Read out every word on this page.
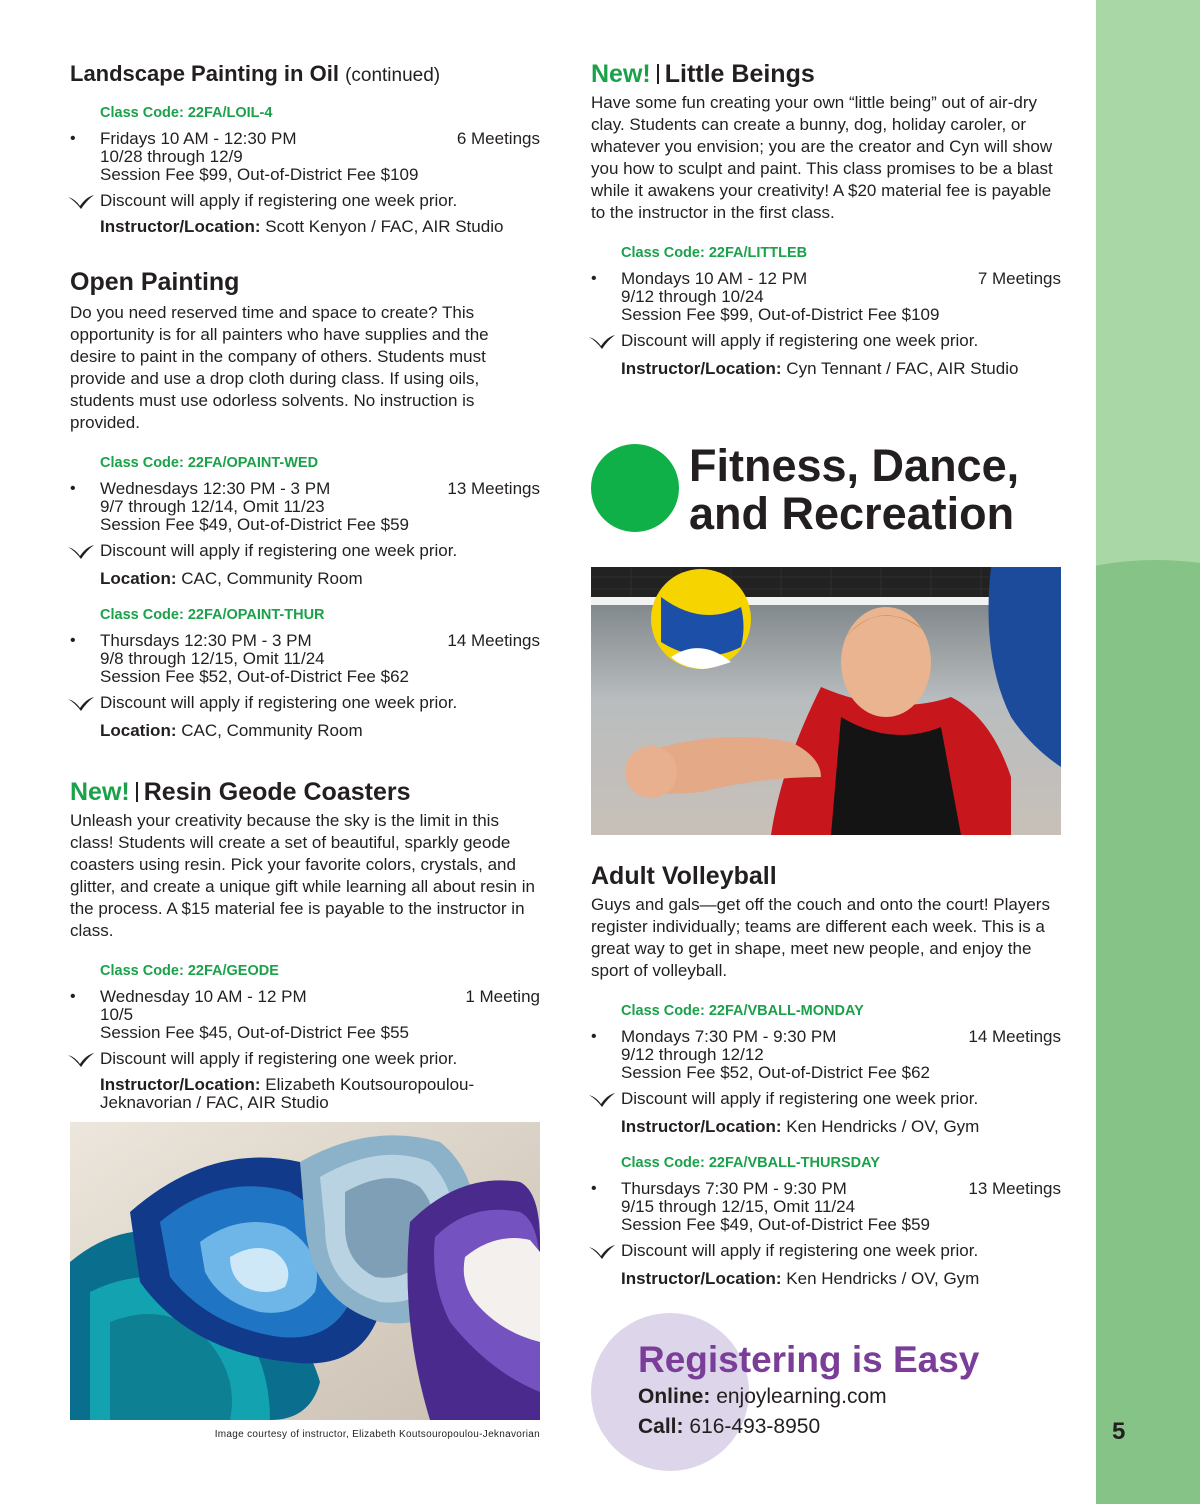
5
Landscape Painting in Oil (continued)
Class Code: 22FA/LOIL-4
• Fridays 10 AM - 12:30 PM	6 Meetings
10/28 through 12/9
Session Fee $99, Out-of-District Fee $109
Discount will apply if registering one week prior.
Instructor/Location: Scott Kenyon / FAC, AIR Studio
Open Painting

Do you need reserved time and space to create? This opportunity is for all painters who have supplies and the desire to paint in the company of others. Students must provide and use a drop cloth during class. If using oils, students must use odorless solvents. No instruction is provided.

Class Code: 22FA/OPAINT-WED
• Wednesdays 12:30 PM - 3 PM	13 Meetings
9/7 through 12/14, Omit 11/23
Session Fee $49, Out-of-District Fee $59
Discount will apply if registering one week prior.
Location: CAC, Community Room
Class Code: 22FA/OPAINT-THUR
• Thursdays 12:30 PM - 3 PM	14 Meetings
9/8 through 12/15, Omit 11/24
Session Fee $52, Out-of-District Fee $62
Discount will apply if registering one week prior.
Location: CAC, Community Room
New! Resin Geode Coasters

Unleash your creativity because the sky is the limit in this class! Students will create a set of beautiful, sparkly geode coasters using resin. Pick your favorite colors, crystals, and glitter, and create a unique gift while learning all about resin in the process. A $15 material fee is payable to the instructor in class.

Class Code: 22FA/GEODE
• Wednesday 10 AM - 12 PM	1 Meeting
10/5
Session Fee $45, Out-of-District Fee $55
Discount will apply if registering one week prior.
Instructor/Location: Elizabeth Koutsouropoulou-Jeknavorian / FAC, AIR Studio
Image courtesy of instructor, Elizabeth Koutsouropoulou-Jeknavorian
New! Little Beings

Have some fun creating your own “little being” out of air-dry clay. Students can create a bunny, dog, holiday caroler, or whatever you envision; you are the creator and Cyn will show you how to sculpt and paint. This class promises to be a blast while it awakens your creativity! A $20 material fee is payable to the instructor in the first class.

Class Code: 22FA/LITTLEB
• Mondays 10 AM - 12 PM	7 Meetings
9/12 through 10/24
Session Fee $99, Out-of-District Fee $109
Discount will apply if registering one week prior.
Instructor/Location: Cyn Tennant / FAC, AIR Studio
Fitness, Dance,
and Recreation
Adult Volleyball

Guys and gals—get off the couch and onto the court! Players register individually; teams are different each week. This is a great way to get in shape, meet new people, and enjoy the sport of volleyball.

Class Code: 22FA/VBALL-MONDAY
• Mondays 7:30 PM - 9:30 PM	14 Meetings
9/12 through 12/12
Session Fee $52, Out-of-District Fee $62
Discount will apply if registering one week prior.
Instructor/Location: Ken Hendricks / OV, Gym
Class Code: 22FA/VBALL-THURSDAY
• Thursdays 7:30 PM - 9:30 PM	13 Meetings
9/15 through 12/15, Omit 11/24
Session Fee $49, Out-of-District Fee $59
Discount will apply if registering one week prior.
Instructor/Location: Ken Hendricks / OV, Gym
Registering is Easy
Online: enjoylearning.com
Call: 616-493-8950
